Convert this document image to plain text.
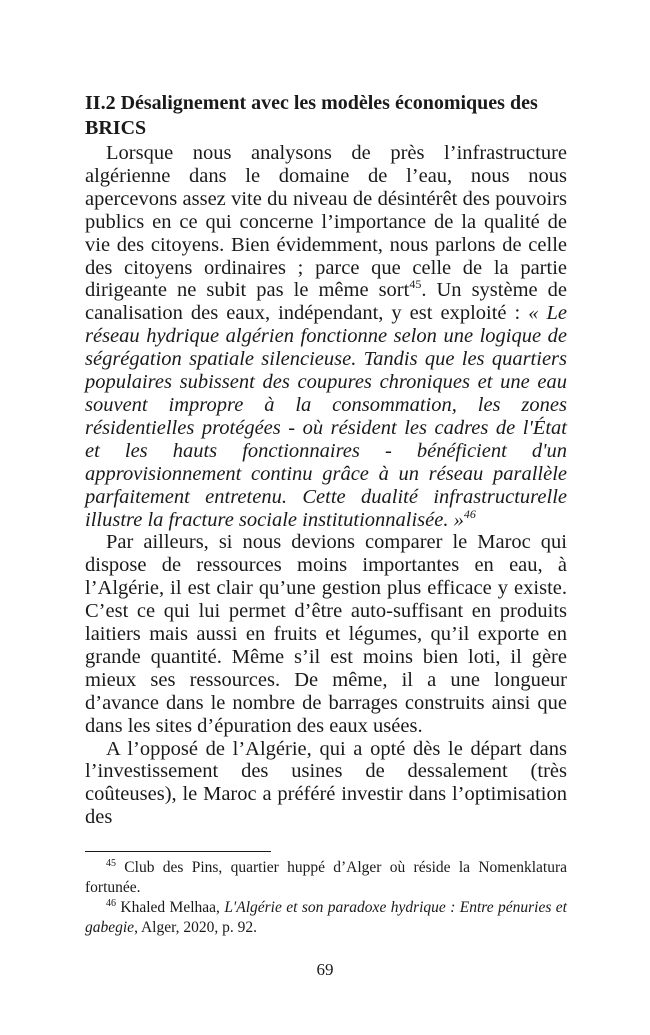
II.2 Désalignement avec les modèles économiques des BRICS

Lorsque nous analysons de près l’infrastructure algérienne dans le domaine de l’eau, nous nous apercevons assez vite du niveau de désintérêt des pouvoirs publics en ce qui concerne l’importance de la qualité de vie des citoyens. Bien évidemment, nous parlons de celle des citoyens ordinaires ; parce que celle de la partie dirigeante ne subit pas le même sort$^{45}$. Un système de canalisation des eaux, indépendant, y est exploité : « Le réseau hydrique algérien fonctionne selon une logique de ségrégation spatiale silencieuse. Tandis que les quartiers populaires subissent des coupures chroniques et une eau souvent impropre à la consommation, les zones résidentielles protégées - où résident les cadres de l'État et les hauts fonctionnaires - bénéficient d'un approvisionnement continu grâce à un réseau parallèle parfaitement entretenu. Cette dualité infrastructurelle illustre la fracture sociale institutionnalisée. »$^{46}$

Par ailleurs, si nous devions comparer le Maroc qui dispose de ressources moins importantes en eau, à l’Algérie, il est clair qu’une gestion plus efficace y existe. C’est ce qui lui permet d’être auto-suffisant en produits laitiers mais aussi en fruits et légumes, qu’il exporte en grande quantité. Même s’il est moins bien loti, il gère mieux ses ressources. De même, il a une longueur d’avance dans le nombre de barrages construits ainsi que dans les sites d’épuration des eaux usées.

A l’opposé de l’Algérie, qui a opté dès le départ dans l’investissement des usines de dessalement (très coûteuses), le Maroc a préféré investir dans l’optimisation des

$^{45}$ Club des Pins, quartier huppé d’Alger où réside la Nomenklatura fortunée.
$^{46}$ Khaled Melhaa, L'Algérie et son paradoxe hydrique : Entre pénuries et gabegie, Alger, 2020, p. 92.
69
